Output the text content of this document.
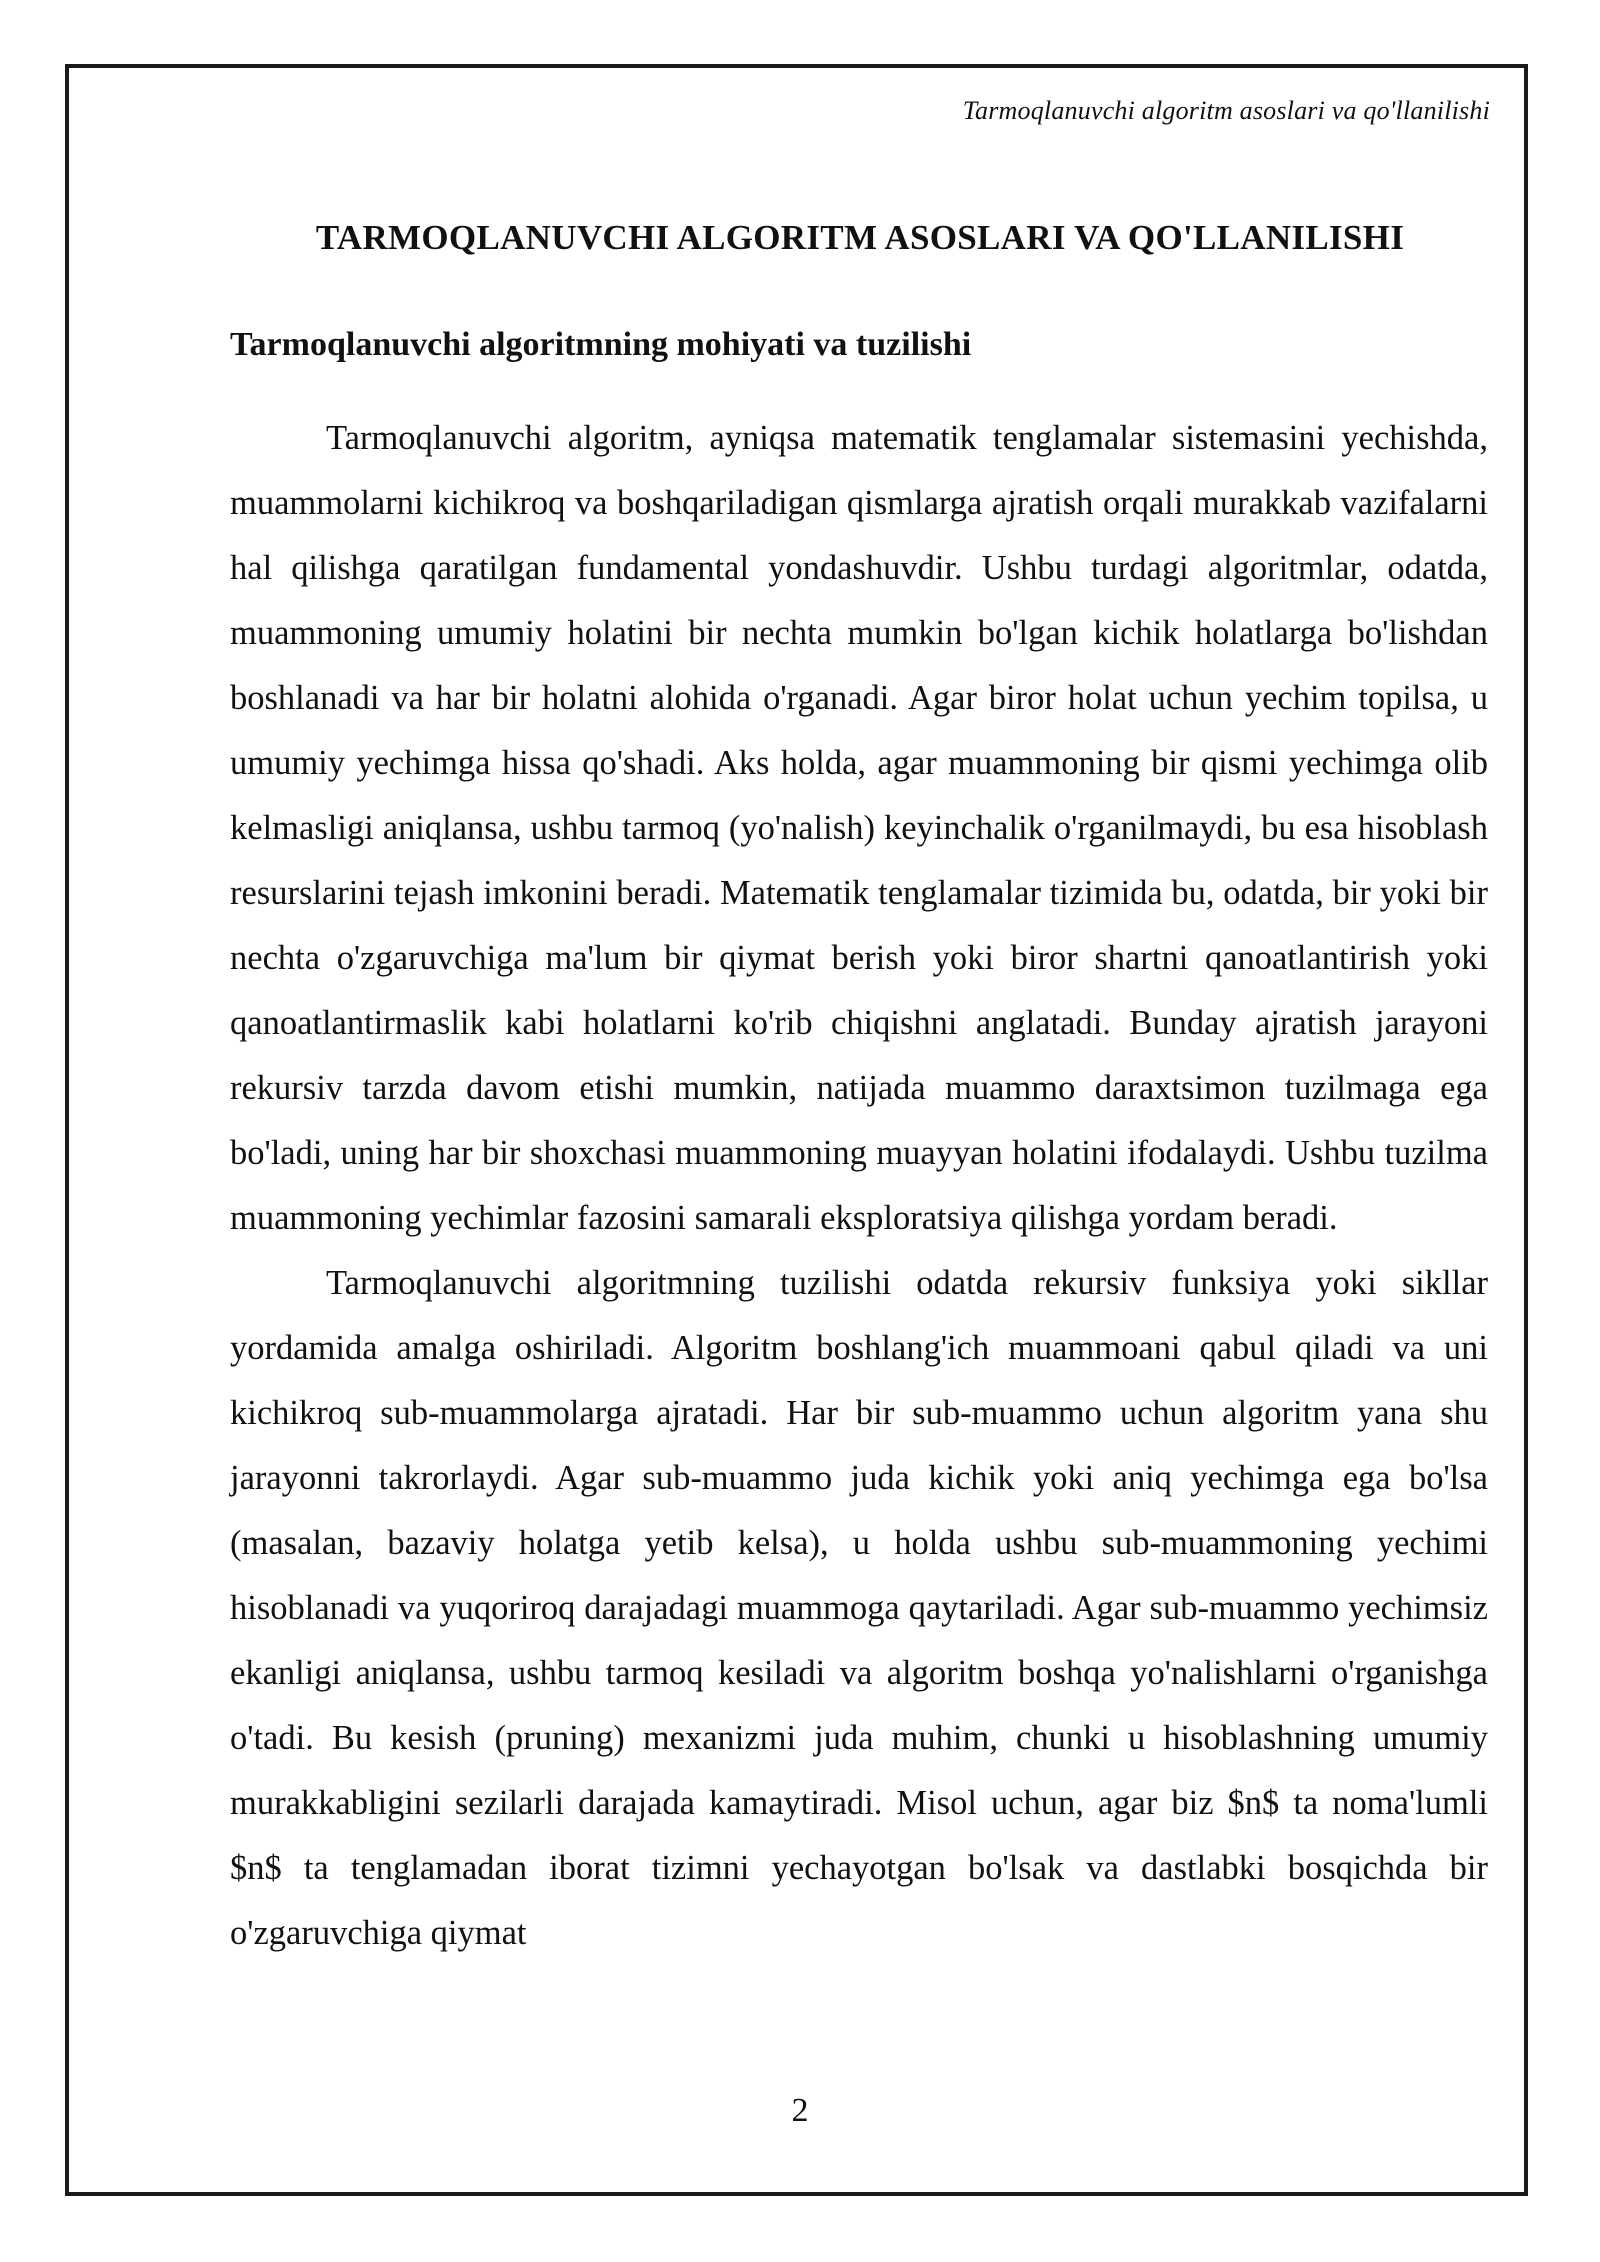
Tarmoqlanuvchi algoritm asoslari va qo'llanilishi
TARMOQLANUVCHI ALGORITM ASOSLARI VA QO'LLANILISHI
Tarmoqlanuvchi algoritmning mohiyati va tuzilishi

Tarmoqlanuvchi algoritm, ayniqsa matematik tenglamalar sistemasini yechishda, muammolarni kichikroq va boshqariladigan qismlarga ajratish orqali murakkab vazifalarni hal qilishga qaratilgan fundamental yondashuvdir. Ushbu turdagi algoritmlar, odatda, muammoning umumiy holatini bir nechta mumkin bo'lgan kichik holatlarga bo'lishdan boshlanadi va har bir holatni alohida o'rganadi. Agar biror holat uchun yechim topilsa, u umumiy yechimga hissa qo'shadi. Aks holda, agar muammoning bir qismi yechimga olib kelmasligi aniqlansa, ushbu tarmoq (yo'nalish) keyinchalik o'rganilmaydi, bu esa hisoblash resurslarini tejash imkonini beradi. Matematik tenglamalar tizimida bu, odatda, bir yoki bir nechta o'zgaruvchiga ma'lum bir qiymat berish yoki biror shartni qanoatlantirish yoki qanoatlantirmaslik kabi holatlarni ko'rib chiqishni anglatadi. Bunday ajratish jarayoni rekursiv tarzda davom etishi mumkin, natijada muammo daraxtsimon tuzilmaga ega bo'ladi, uning har bir shoxchasi muammoning muayyan holatini ifodalaydi. Ushbu tuzilma muammoning yechimlar fazosini samarali eksploratsiya qilishga yordam beradi.

Tarmoqlanuvchi algoritmning tuzilishi odatda rekursiv funksiya yoki sikllar yordamida amalga oshiriladi. Algoritm boshlang'ich muammoani qabul qiladi va uni kichikroq sub-muammolarga ajratadi. Har bir sub-muammo uchun algoritm yana shu jarayonni takrorlaydi. Agar sub-muammo juda kichik yoki aniq yechimga ega bo'lsa (masalan, bazaviy holatga yetib kelsa), u holda ushbu sub-muammoning yechimi hisoblanadi va yuqoriroq darajadagi muammoga qaytariladi. Agar sub-muammo yechimsiz ekanligi aniqlansa, ushbu tarmoq kesiladi va algoritm boshqa yo'nalishlarni o'rganishga o'tadi. Bu kesish (pruning) mexanizmi juda muhim, chunki u hisoblashning umumiy murakkabligini sezilarli darajada kamaytiradi. Misol uchun, agar biz $n$ ta noma'lumli $n$ ta tenglamadan iborat tizimni yechayotgan bo'lsak va dastlabki bosqichda bir o'zgaruvchiga qiymat

2
